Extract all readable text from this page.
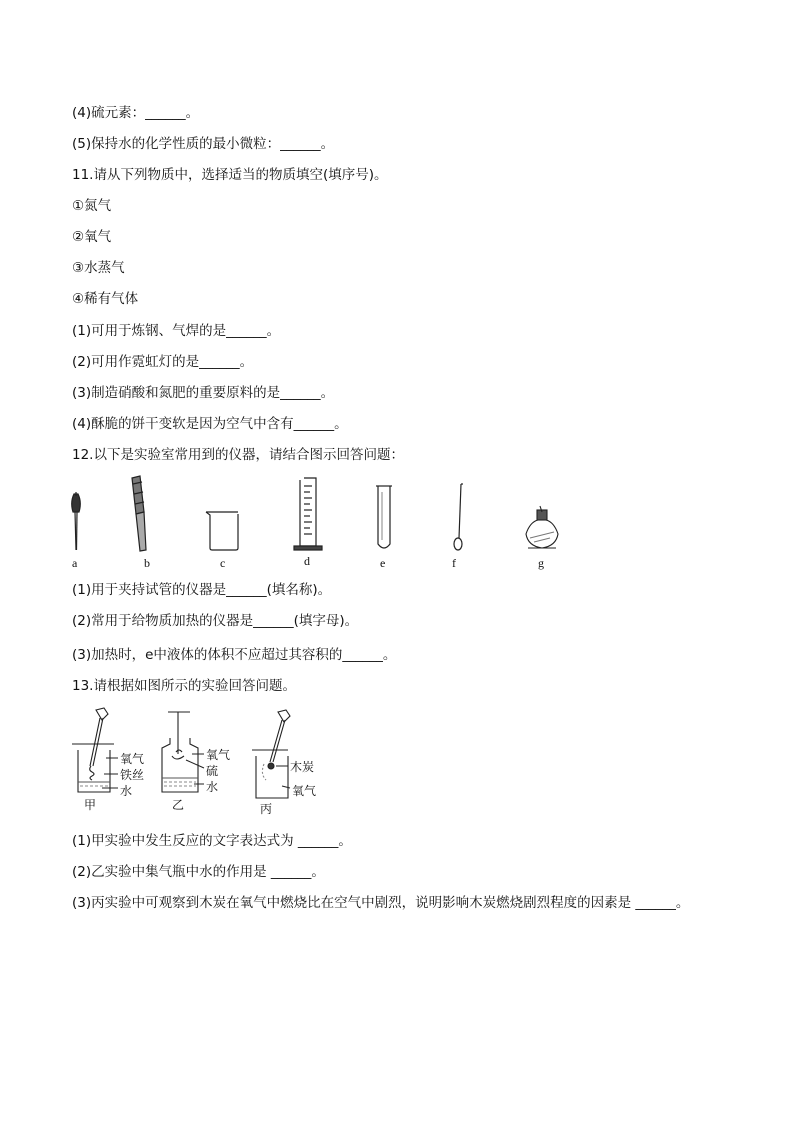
(4)硫元素：______。
(5)保持水的化学性质的最小微粒：______。
11.请从下列物质中，选择适当的物质填空(填序号)。
①氮气
②氧气
③水蒸气
④稀有气体
(1)可用于炼钢、气焊的是______。
(2)可用作霓虹灯的是______。
(3)制造硝酸和氮肥的重要原料的是______。
(4)酥脆的饼干变软是因为空气中含有______。
12.以下是实验室常用到的仪器，请结合图示回答问题：
a	b	c	d	e	f	g
(1)用于夹持试管的仪器是______(填名称)。
(2)常用于给物质加热的仪器是______(填字母)。
(3)加热时，e中液体的体积不应超过其容积的______。
13.请根据如图所示的实验回答问题。
氧气
铁丝
水
甲
氧气
硫
水
乙
木炭
氧气
丙
(1)甲实验中发生反应的文字表达式为 ______。
(2)乙实验中集气瓶中水的作用是 ______。
(3)丙实验中可观察到木炭在氧气中燃烧比在空气中剧烈，说明影响木炭燃烧剧烈程度的因素是 ______。
